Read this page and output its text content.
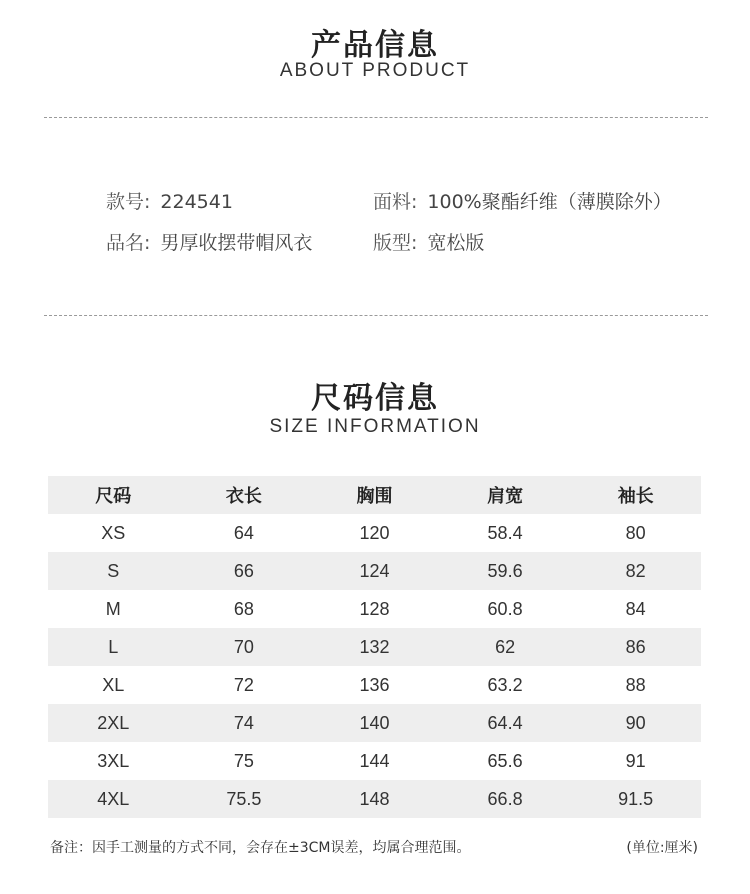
产品信息
ABOUT PRODUCT
款号: 224541	面料: 100%聚酯纤维（薄膜除外）
品名: 男厚收摆带帽风衣	版型: 宽松版
尺码信息
SIZE INFORMATION
尺码	衣长	胸围	肩宽	袖长
XS	64	120	58.4	80
S	66	124	59.6	82
M	68	128	60.8	84
L	70	132	62	86
XL	72	136	63.2	88
2XL	74	140	64.4	90
3XL	75	144	65.6	91
4XL	75.5	148	66.8	91.5
备注：因手工测量的方式不同，会存在±3CM误差，均属合理范围。	(单位:厘米)
